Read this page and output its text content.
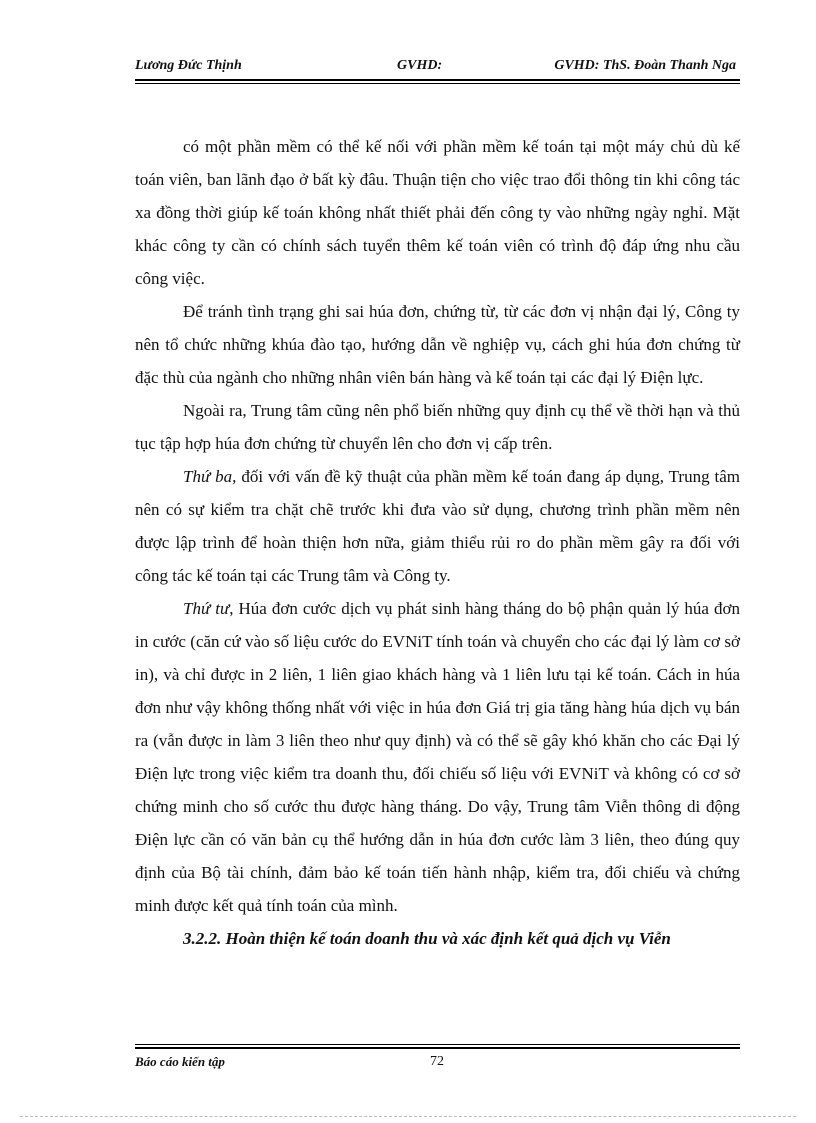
Lương Đức Thịnh	GVHD:	GVHD: ThS. Đoàn Thanh Nga

có một phần mềm có thể kế nối với phần mềm kế toán tại một máy chủ dù kế toán viên, ban lãnh đạo ở bất kỳ đâu. Thuận tiện cho việc trao đổi thông tin khi công tác xa đồng thời giúp kế toán không nhất thiết phải đến công ty vào những ngày nghỉ. Mặt khác công ty cần có chính sách tuyển thêm kế toán viên có trình độ đáp ứng nhu cầu công việc.

Để tránh tình trạng ghi sai húa đơn, chứng từ, từ các đơn vị nhận đại lý, Công ty nên tổ chức những khúa đào tạo, hướng dẫn về nghiệp vụ, cách ghi húa đơn chứng từ đặc thù của ngành cho những nhân viên bán hàng và kế toán tại các đại lý Điện lực.

Ngoài ra, Trung tâm cũng nên phổ biến những quy định cụ thể về thời hạn và thủ tục tập hợp húa đơn chứng từ chuyển lên cho đơn vị cấp trên.

Thứ ba, đối với vấn đề kỹ thuật của phần mềm kế toán đang áp dụng, Trung tâm nên có sự kiểm tra chặt chẽ trước khi đưa vào sử dụng, chương trình phần mềm nên được lập trình để hoàn thiện hơn nữa, giảm thiểu rủi ro do phần mềm gây ra đối với công tác kế toán tại các Trung tâm và Công ty.

Thứ tư, Húa đơn cước dịch vụ phát sinh hàng tháng do bộ phận quản lý húa đơn in cước (căn cứ vào số liệu cước do EVNiT tính toán và chuyển cho các đại lý làm cơ sở in), và chỉ được in 2 liên, 1 liên giao khách hàng và 1 liên lưu tại kế toán. Cách in húa đơn như vậy không thống nhất với việc in húa đơn Giá trị gia tăng hàng húa dịch vụ bán ra (vẫn được in làm 3 liên theo như quy định) và có thể sẽ gây khó khăn cho các Đại lý Điện lực trong việc kiểm tra doanh thu, đối chiếu số liệu với EVNiT và không có cơ sở chứng minh cho số cước thu được hàng tháng. Do vậy, Trung tâm Viễn thông di động Điện lực cần có văn bản cụ thể hướng dẫn in húa đơn cước làm 3 liên, theo đúng quy định của Bộ tài chính, đảm bảo kế toán tiến hành nhập, kiểm tra, đối chiếu và chứng minh được kết quả tính toán của mình.

3.2.2. Hoàn thiện kế toán doanh thu và xác định kết quả dịch vụ Viễn

Báo cáo kiến tập	72
